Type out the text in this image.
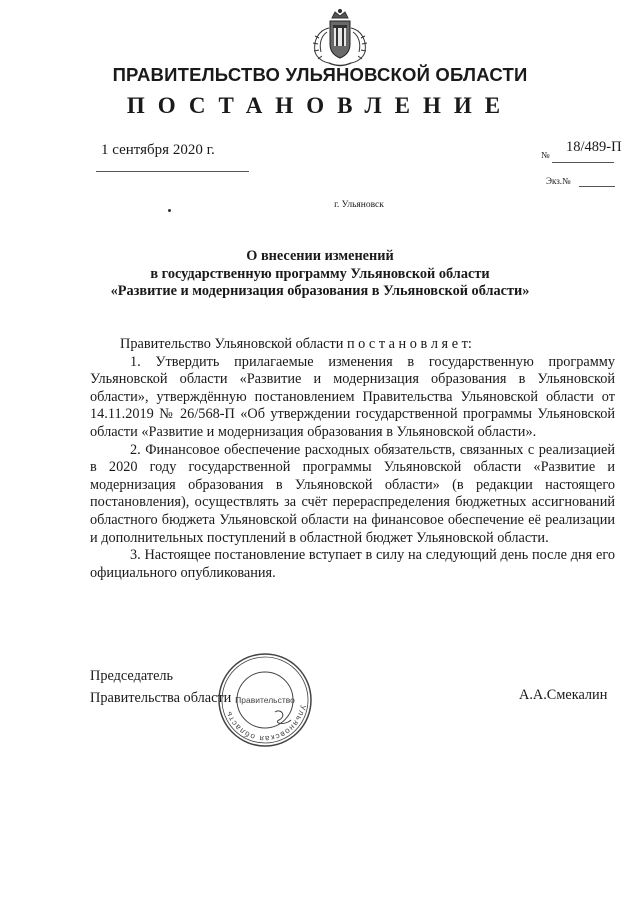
ПРАВИТЕЛЬСТВО УЛЬЯНОВСКОЙ ОБЛАСТИ
ПОСТАНОВЛЕНИЕ
1 сентября 2020 г.	№ 18/489-П
Экз.№
г. Ульяновск
О внесении изменений
в государственную программу Ульяновской области
«Развитие и модернизация образования в Ульяновской области»

Правительство Ульяновской области п о с т а н о в л я е т:

1. Утвердить прилагаемые изменения в государственную программу Ульяновской области «Развитие и модернизация образования в Ульяновской области», утверждённую постановлением Правительства Ульяновской области от 14.11.2019 № 26/568-П «Об утверждении государственной программы Ульяновской области «Развитие и модернизация образования в Ульяновской области».

2. Финансовое обеспечение расходных обязательств, связанных с реализацией в 2020 году государственной программы Ульяновской области «Развитие и модернизация образования в Ульяновской области» (в редакции настоящего постановления), осуществлять за счёт перераспределения бюджетных ассигнований областного бюджета Ульяновской области на финансовое обеспечение её реализации и дополнительных поступлений в областной бюджет Ульяновской области.

3. Настоящее постановление вступает в силу на следующий день после дня его официального опубликования.

Председатель
Правительства области
Ульяновская область
Правительство	А.А.Смекалин
